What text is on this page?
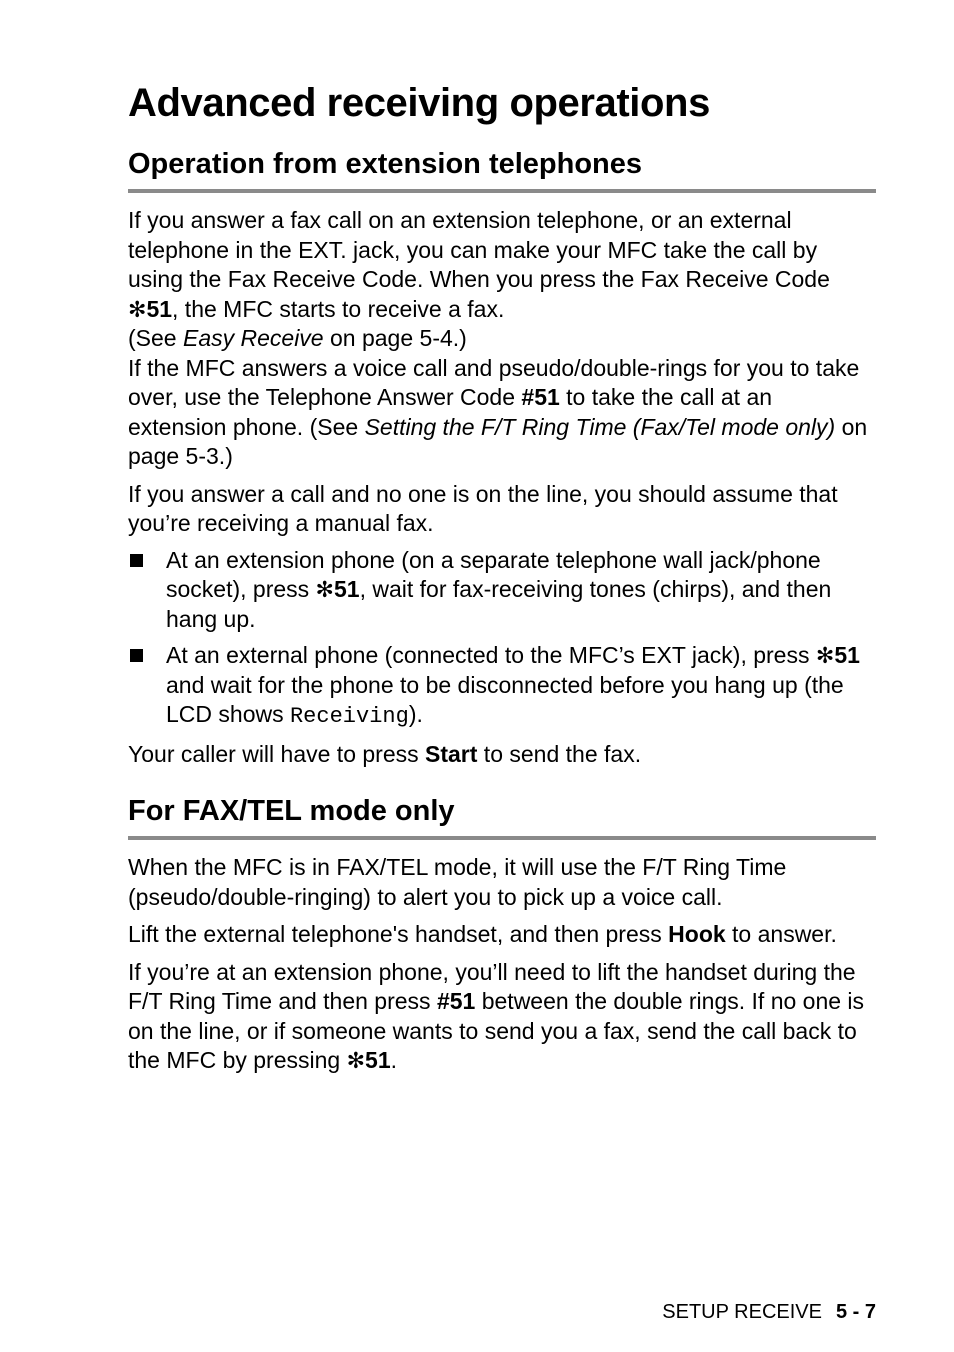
Advanced receiving operations
Operation from extension telephones

If you answer a fax call on an extension telephone, or an external telephone in the EXT. jack, you can make your MFC take the call by using the Fax Receive Code. When you press the Fax Receive Code ✻51, the MFC starts to receive a fax.
(See Easy Receive on page 5-4.)
If the MFC answers a voice call and pseudo/double-rings for you to take over, use the Telephone Answer Code #51 to take the call at an extension phone. (See Setting the F/T Ring Time (Fax/Tel mode only) on page 5-3.)

If you answer a call and no one is on the line, you should assume that you’re receiving a manual fax.

At an extension phone (on a separate telephone wall jack/phone socket), press ✻51, wait for fax-receiving tones (chirps), and then hang up.
At an external phone (connected to the MFC’s EXT jack), press ✻51 and wait for the phone to be disconnected before you hang up (the LCD shows Receiving).

Your caller will have to press Start to send the fax.

For FAX/TEL mode only

When the MFC is in FAX/TEL mode, it will use the F/T Ring Time (pseudo/double-ringing) to alert you to pick up a voice call.

Lift the external telephone's handset, and then press Hook to answer.

If you’re at an extension phone, you’ll need to lift the handset during the F/T Ring Time and then press #51 between the double rings. If no one is on the line, or if someone wants to send you a fax, send the call back to the MFC by pressing ✻51.

SETUP RECEIVE 5 - 7
